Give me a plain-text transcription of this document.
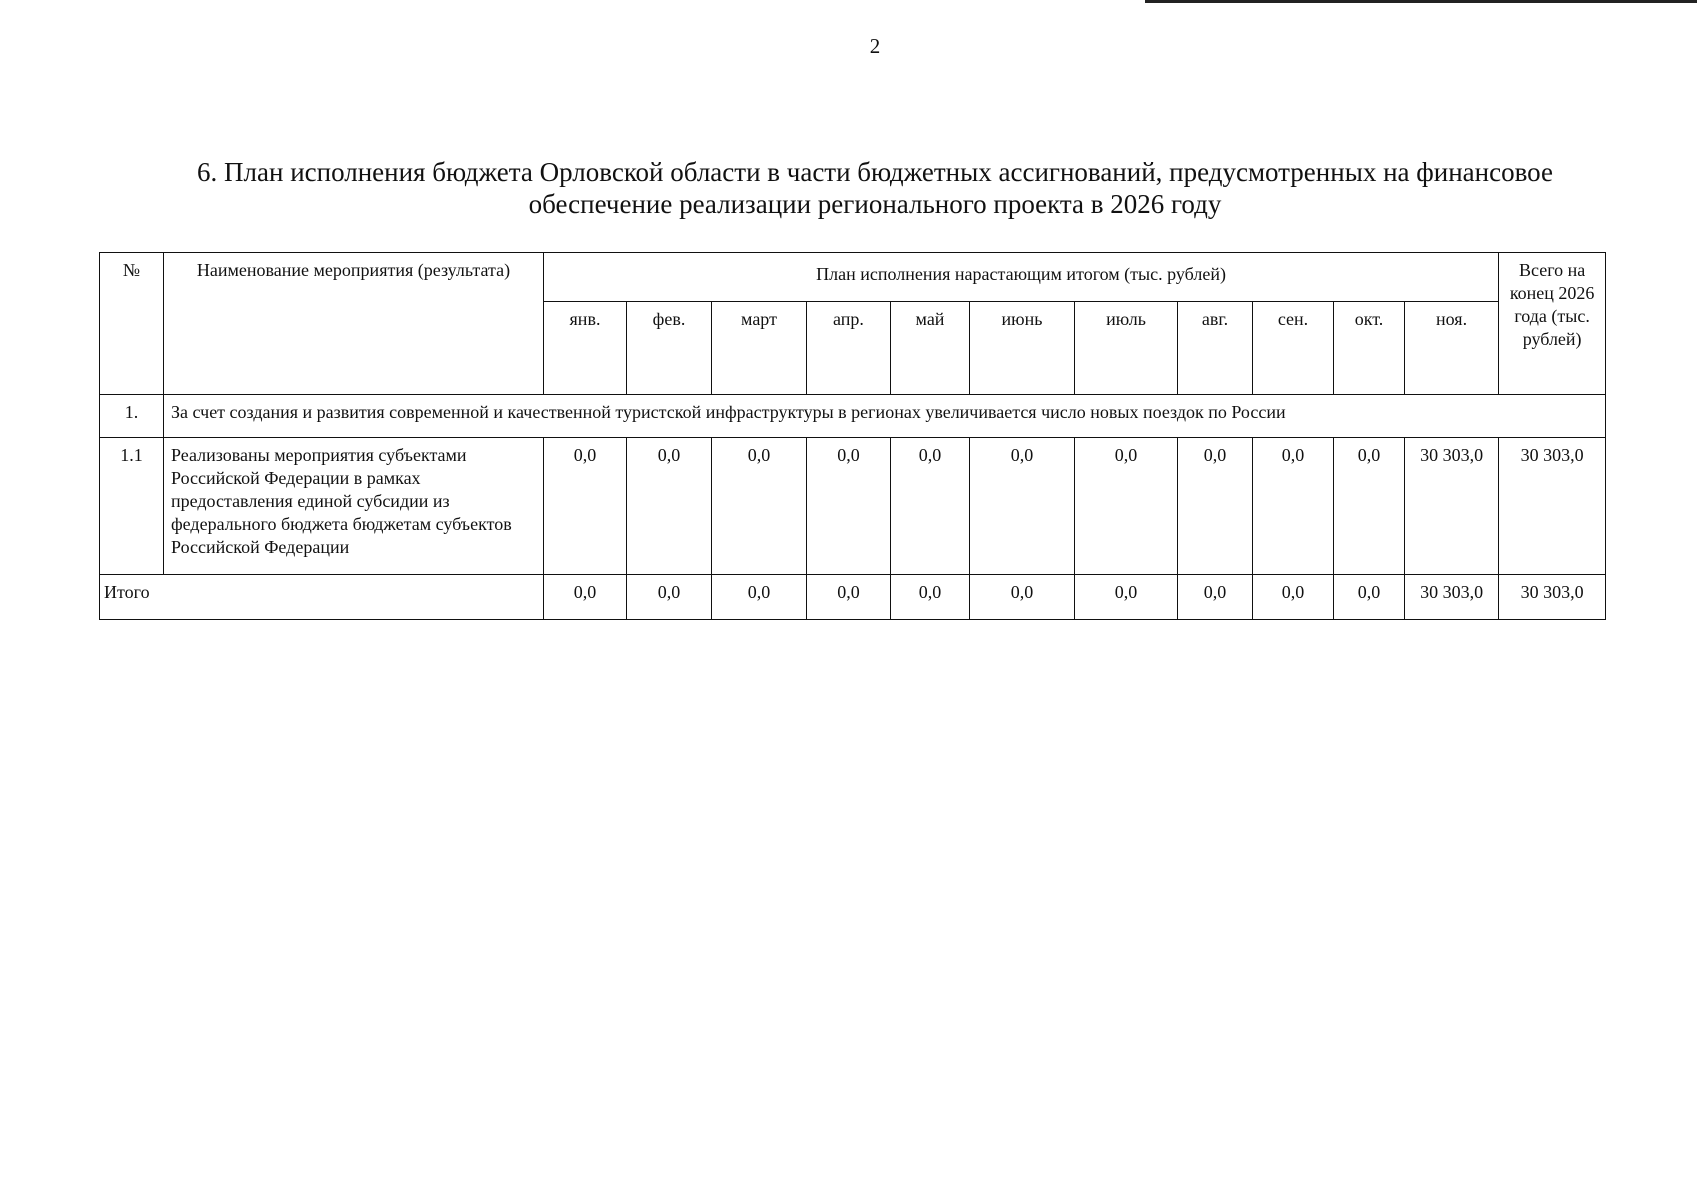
2
6. План исполнения бюджета Орловской области в части бюджетных ассигнований, предусмотренных на финансовое
обеспечение реализации регионального проекта в 2026 году
№	Наименование мероприятия (результата)	План исполнения нарастающим итогом (тыс. рублей)											Всего на конец 2026 года (тыс. рублей)
		янв.	фев.	март	апр.	май	июнь	июль	авг.	сен.	окт.	ноя.	
1.	За счет создания и развития современной и качественной туристской инфраструктуры в регионах увеличивается число новых поездок по России												
1.1	Реализованы мероприятия субъектами Российской Федерации в рамках предоставления единой субсидии из федерального бюджета бюджетам субъектов Российской Федерации	0,0	0,0	0,0	0,0	0,0	0,0	0,0	0,0	0,0	0,0	30 303,0	30 303,0
Итого		0,0	0,0	0,0	0,0	0,0	0,0	0,0	0,0	0,0	0,0	30 303,0	30 303,0
